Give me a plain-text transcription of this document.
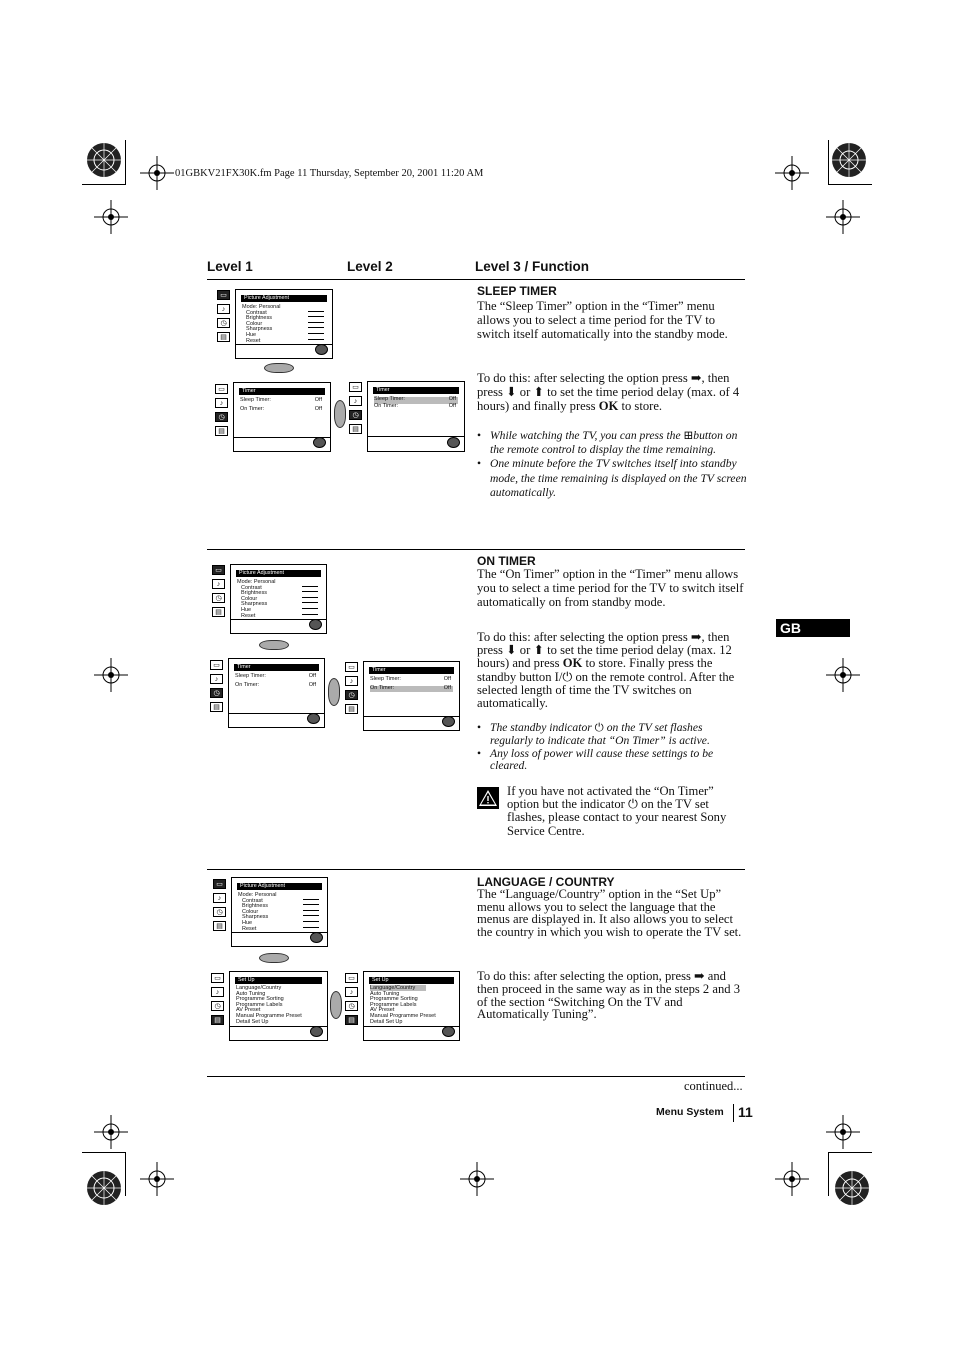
01GBKV21FX30K.fm Page 11 Thursday, September 20, 2001 11:20 AM
Level 1	Level 2	Level 3 / Function
GB
▭
♪
◷
▤
Picture Adjustment
Mode: Personal
Contrast
Brightness
Colour
Sharpness
Hue
Reset
▭
♪
◷
▤
Timer
Sleep Timer:	Off
On Timer:	Off
▭
♪
◷
▤
Timer
Sleep Timer:	Off
On Timer:	Off
SLEEP TIMER

The “Sleep Timer” option in the “Timer” menu allows you to select a time period for the TV to switch itself automatically into the standby mode.

To do this: after selecting the option press ➡, then press ⬇ or ⬆ to set the time period delay (max. of 4 hours) and finally press OK to store.

• While watching the TV, you can press the ⊞button on the remote control to display the time remaining.

• One minute before the TV switches itself into standby mode, the time remaining is displayed on the TV screen automatically.

▭
♪
◷
▤
Picture Adjustment
Mode: Personal
Contrast
Brightness
Colour
Sharpness
Hue
Reset
▭
♪
◷
▤
Timer
Sleep Timer:	Off
On Timer:	Off
▭
♪
◷
▤
Timer
Sleep Timer:	Off
On Timer:	Off
ON TIMER

The “On Timer” option in the “Timer” menu allows you to select a time period for the TV to switch itself automatically on from standby mode.

To do this: after selecting the option press ➡, then press ⬇ or ⬆ to set the time period delay (max. 12 hours) and press OK to store. Finally press the standby button I/⏻ on the remote control. After the selected length of time the TV switches on automatically.

• The standby indicator ⏻ on the TV set flashes regularly to indicate that “On Timer” is active.

• Any loss of power will cause these settings to be cleared.

If you have not activated the “On Timer” option but the indicator ⏻ on the TV set flashes, please contact to your nearest Sony Service Centre.

▭
♪
◷
▤
Picture Adjustment
Mode: Personal
Contrast
Brightness
Colour
Sharpness
Hue
Reset
▭
♪
◷
▤
Set Up
Language/Country
Auto Tuning
Programme Sorting
Programme Labels
AV Preset
Manual Programme Preset
Detail Set Up
▭
♪
◷
▤
Set Up
Language/Country
Auto Tuning
Programme Sorting
Programme Labels
AV Preset
Manual Programme Preset
Detail Set Up
LANGUAGE / COUNTRY

The “Language/Country” option in the “Set Up” menu allows you to select the language that the menus are displayed in. It also allows you to select the country in which you wish to operate the TV set.

To do this: after selecting the option, press ➡ and then proceed in the same way as in the steps 2 and 3 of the section “Switching On the TV and Automatically Tuning”.

continued...
Menu System 11
